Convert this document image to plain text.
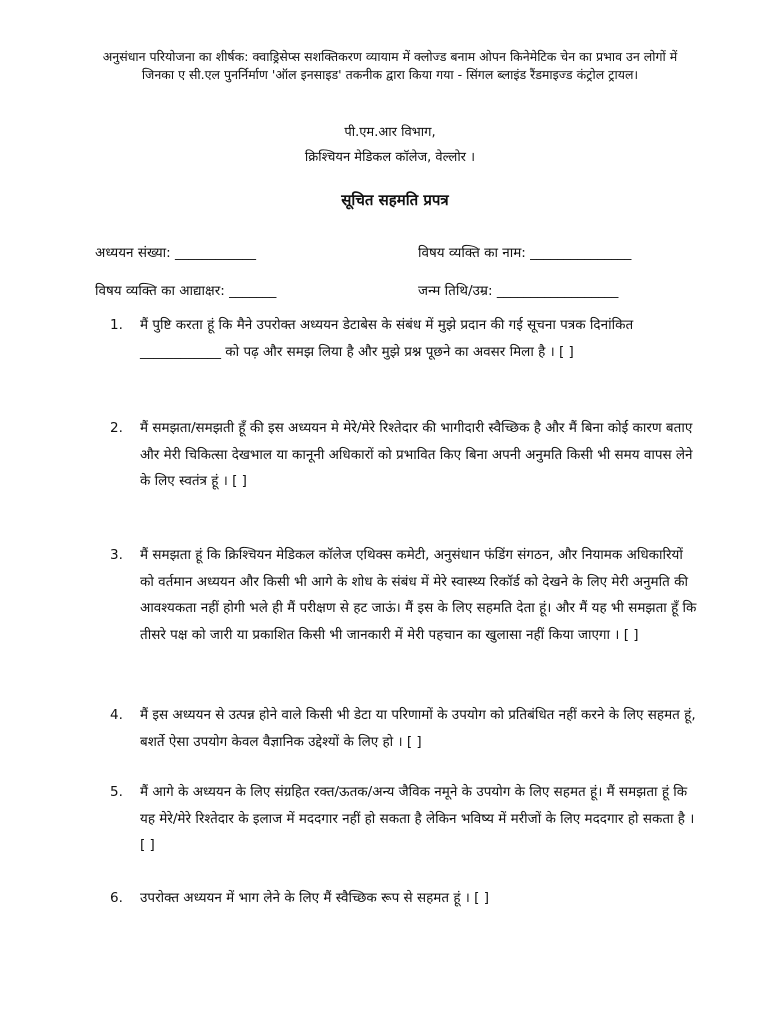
अनुसंधान परियोजना का शीर्षक: क्वाड्रिसेप्स सशक्तिकरण व्यायाम में क्लोज्ड बनाम ओपन किनेमेटिक चेन का प्रभाव उन लोगों में जिनका ए सी.एल पुनर्निर्माण 'ऑल इनसाइड' तकनीक द्वारा किया गया - सिंगल ब्लाइंड रैंडमाइज्ड कंट्रोल ट्रायल।
पी.एम.आर विभाग,
क्रिश्चियन मेडिकल कॉलेज, वेल्लोर ।
सूचित सहमति प्रपत्र
अध्ययन संख्या: ____________	विषय व्यक्ति का नाम: _______________
विषय व्यक्ति का आद्याक्षर: _______	जन्म तिथि/उम्र: __________________
1.	मैं पुष्टि करता हूं कि मैने उपरोक्त अध्ययन डेटाबेस के संबंध में मुझे प्रदान की गई सूचना पत्रक दिनांकित ____________ को पढ़ और समझ लिया है और मुझे प्रश्न पूछने का अवसर मिला है । [ ]
2.	मैं समझता/समझती हूँ की इस अध्ययन मे मेरे/मेरे रिश्तेदार की भागीदारी स्वैच्छिक है और मैं बिना कोई कारण बताए और मेरी चिकित्सा देखभाल या कानूनी अधिकारों को प्रभावित किए बिना अपनी अनुमति किसी भी समय वापस लेने के लिए स्वतंत्र हूं । [ ]
3.	मैं समझता हूं कि क्रिश्चियन मेडिकल कॉलेज एथिक्स कमेटी, अनुसंधान फंडिंग संगठन, और नियामक अधिकारियों को वर्तमान अध्ययन और किसी भी आगे के शोध के संबंध में मेरे स्वास्थ्य रिकॉर्ड को देखने के लिए मेरी अनुमति की आवश्यकता नहीं होगी भले ही मैं परीक्षण से हट जाऊं। मैं इस के लिए सहमति देता हूं। और मैं यह भी समझता हूँ कि तीसरे पक्ष को जारी या प्रकाशित किसी भी जानकारी में मेरी पहचान का खुलासा नहीं किया जाएगा । [ ]
4.	मैं इस अध्ययन से उत्पन्न होने वाले किसी भी डेटा या परिणामों के उपयोग को प्रतिबंधित नहीं करने के लिए सहमत हूं, बशर्ते ऐसा उपयोग केवल वैज्ञानिक उद्देश्यों के लिए हो । [ ]
5.	मैं आगे के अध्ययन के लिए संग्रहित रक्त/ऊतक/अन्य जैविक नमूने के उपयोग के लिए सहमत हूं। मैं समझता हूं कि यह मेरे/मेरे रिश्तेदार के इलाज में मददगार नहीं हो सकता है लेकिन भविष्य में मरीजों के लिए मददगार हो सकता है । [ ]
6.	उपरोक्त अध्ययन में भाग लेने के लिए मैं स्वैच्छिक रूप से सहमत हूं । [ ]
